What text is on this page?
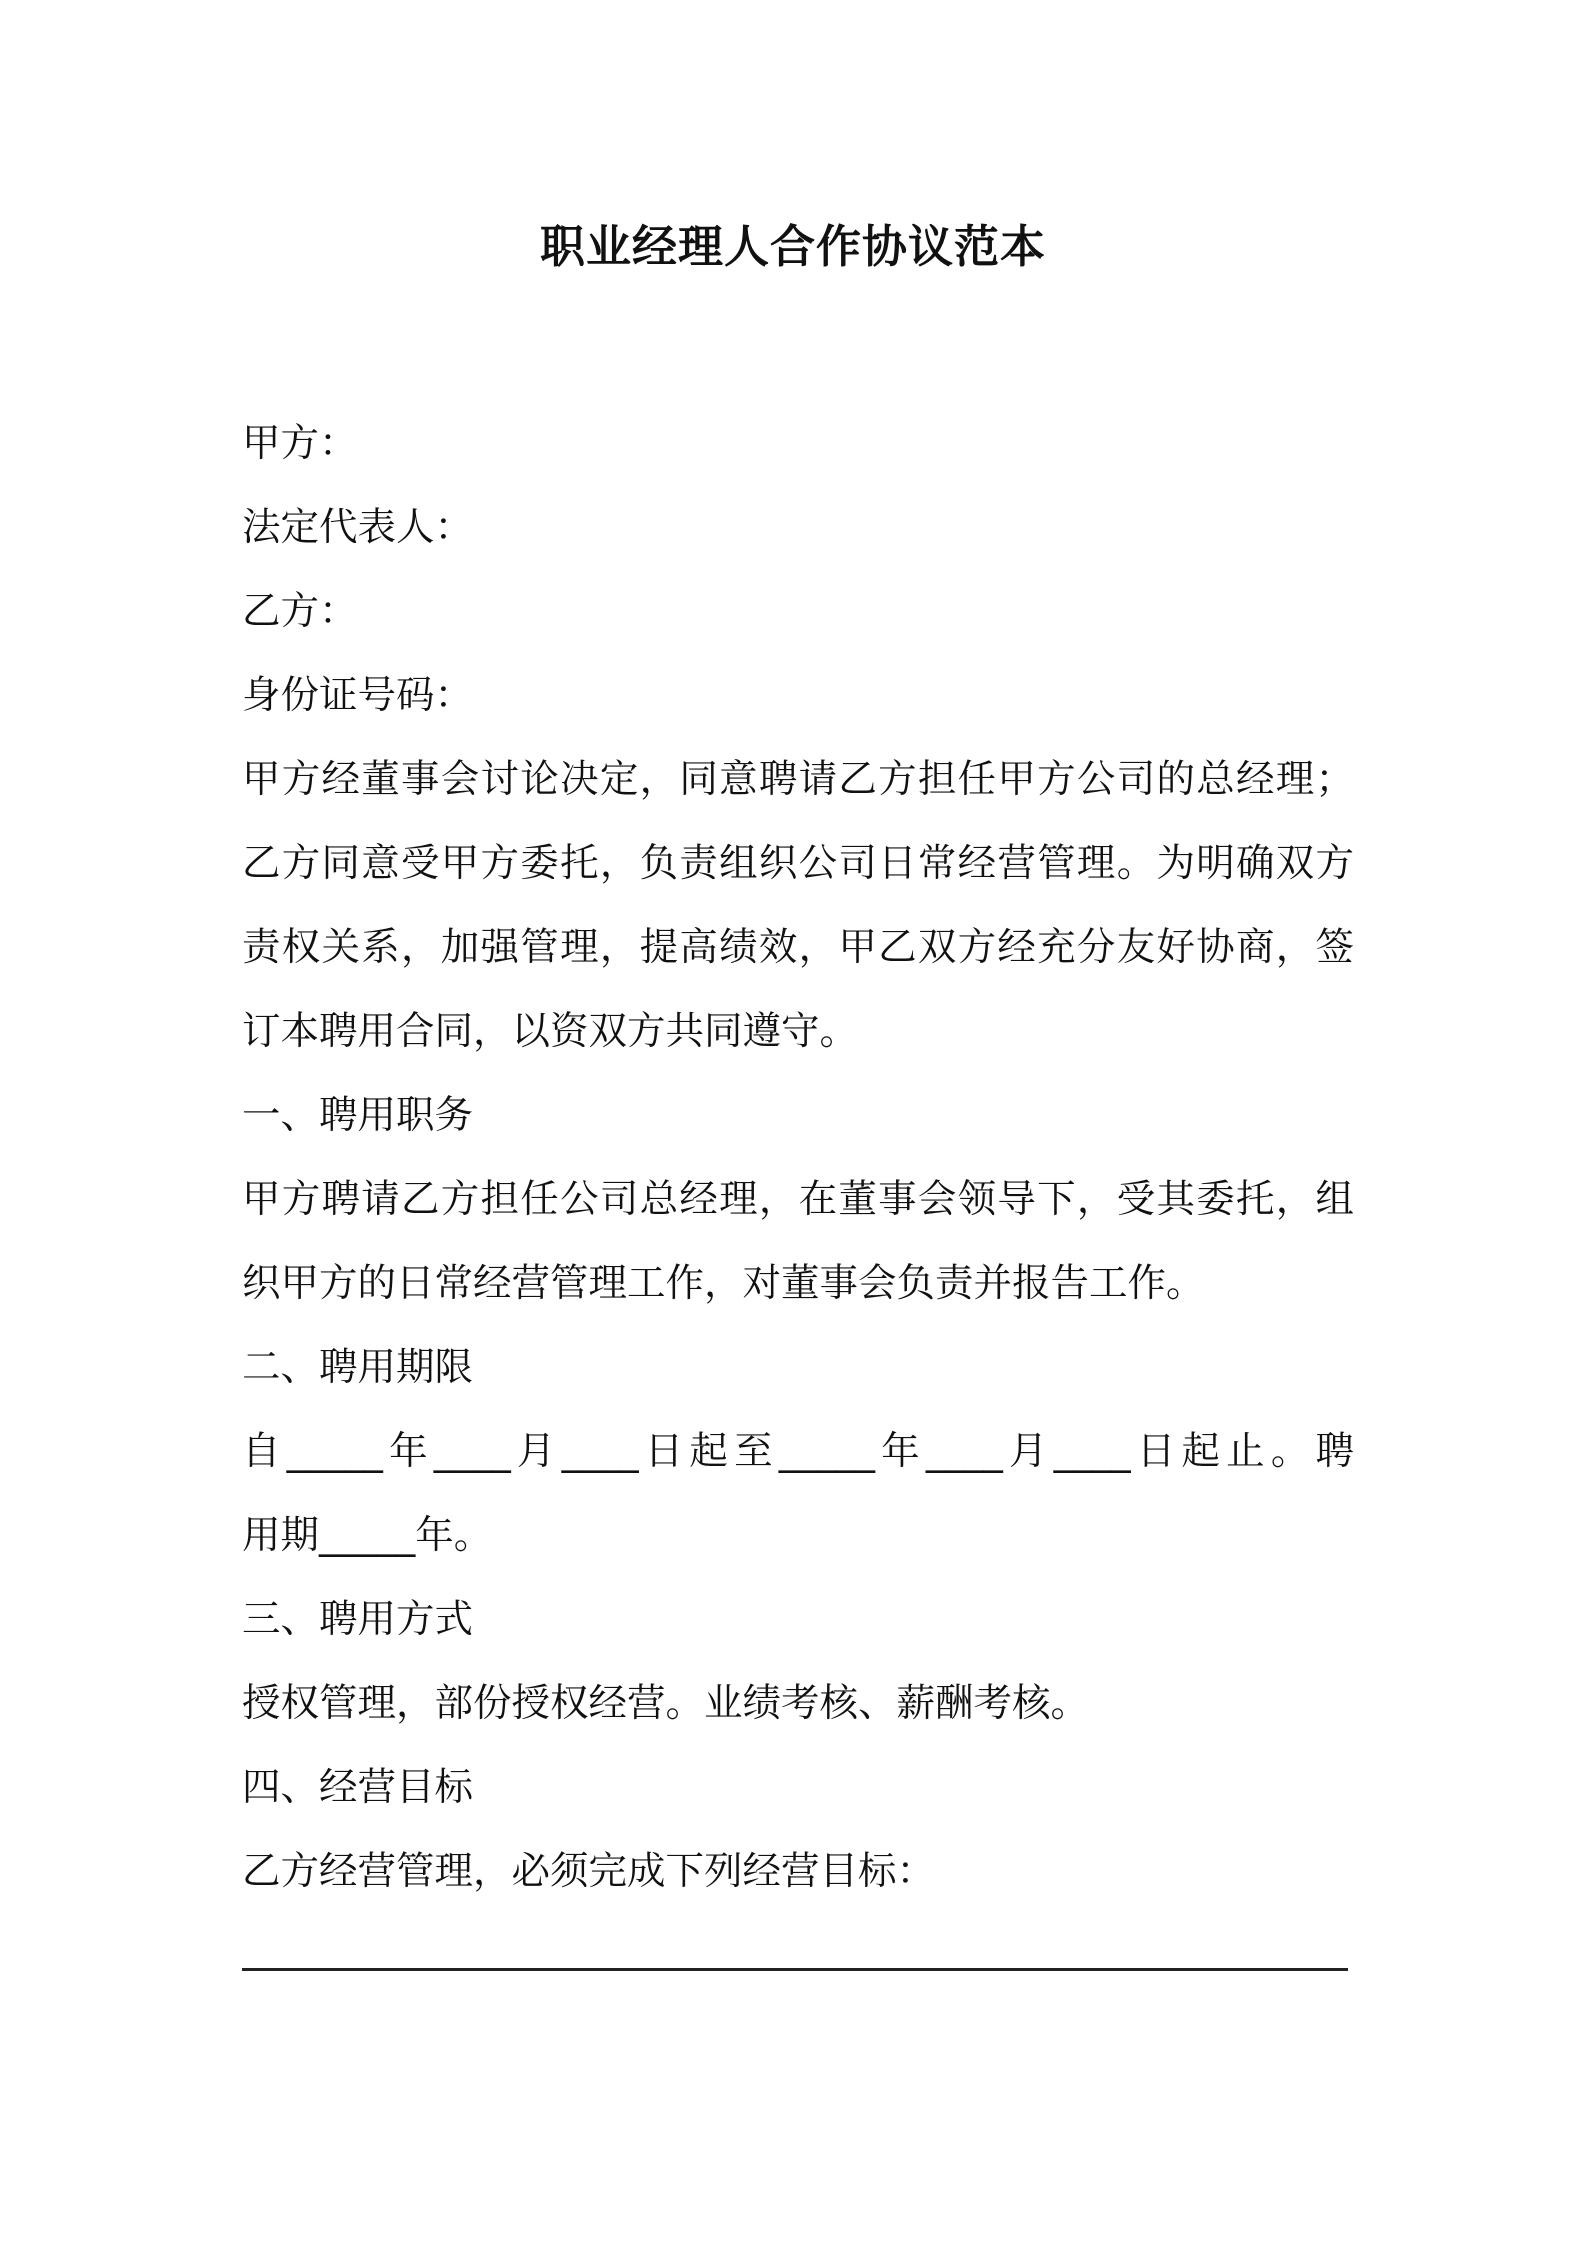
职业经理人合作协议范本
甲方：
法定代表人：
乙方：
身份证号码：
甲方经董事会讨论决定，同意聘请乙方担任甲方公司的总经理；
乙方同意受甲方委托，负责组织公司日常经营管理。为明确双方
责权关系，加强管理，提高绩效，甲乙双方经充分友好协商，签
订本聘用合同，以资双方共同遵守。
一、聘用职务
甲方聘请乙方担任公司总经理，在董事会领导下，受其委托，组
织甲方的日常经营管理工作，对董事会负责并报告工作。
二、聘用期限
自_____年____月____日起至_____年____月____日起止。聘
用期_____年。
三、聘用方式
授权管理，部份授权经营。业绩考核、薪酬考核。
四、经营目标
乙方经营管理，必须完成下列经营目标：
